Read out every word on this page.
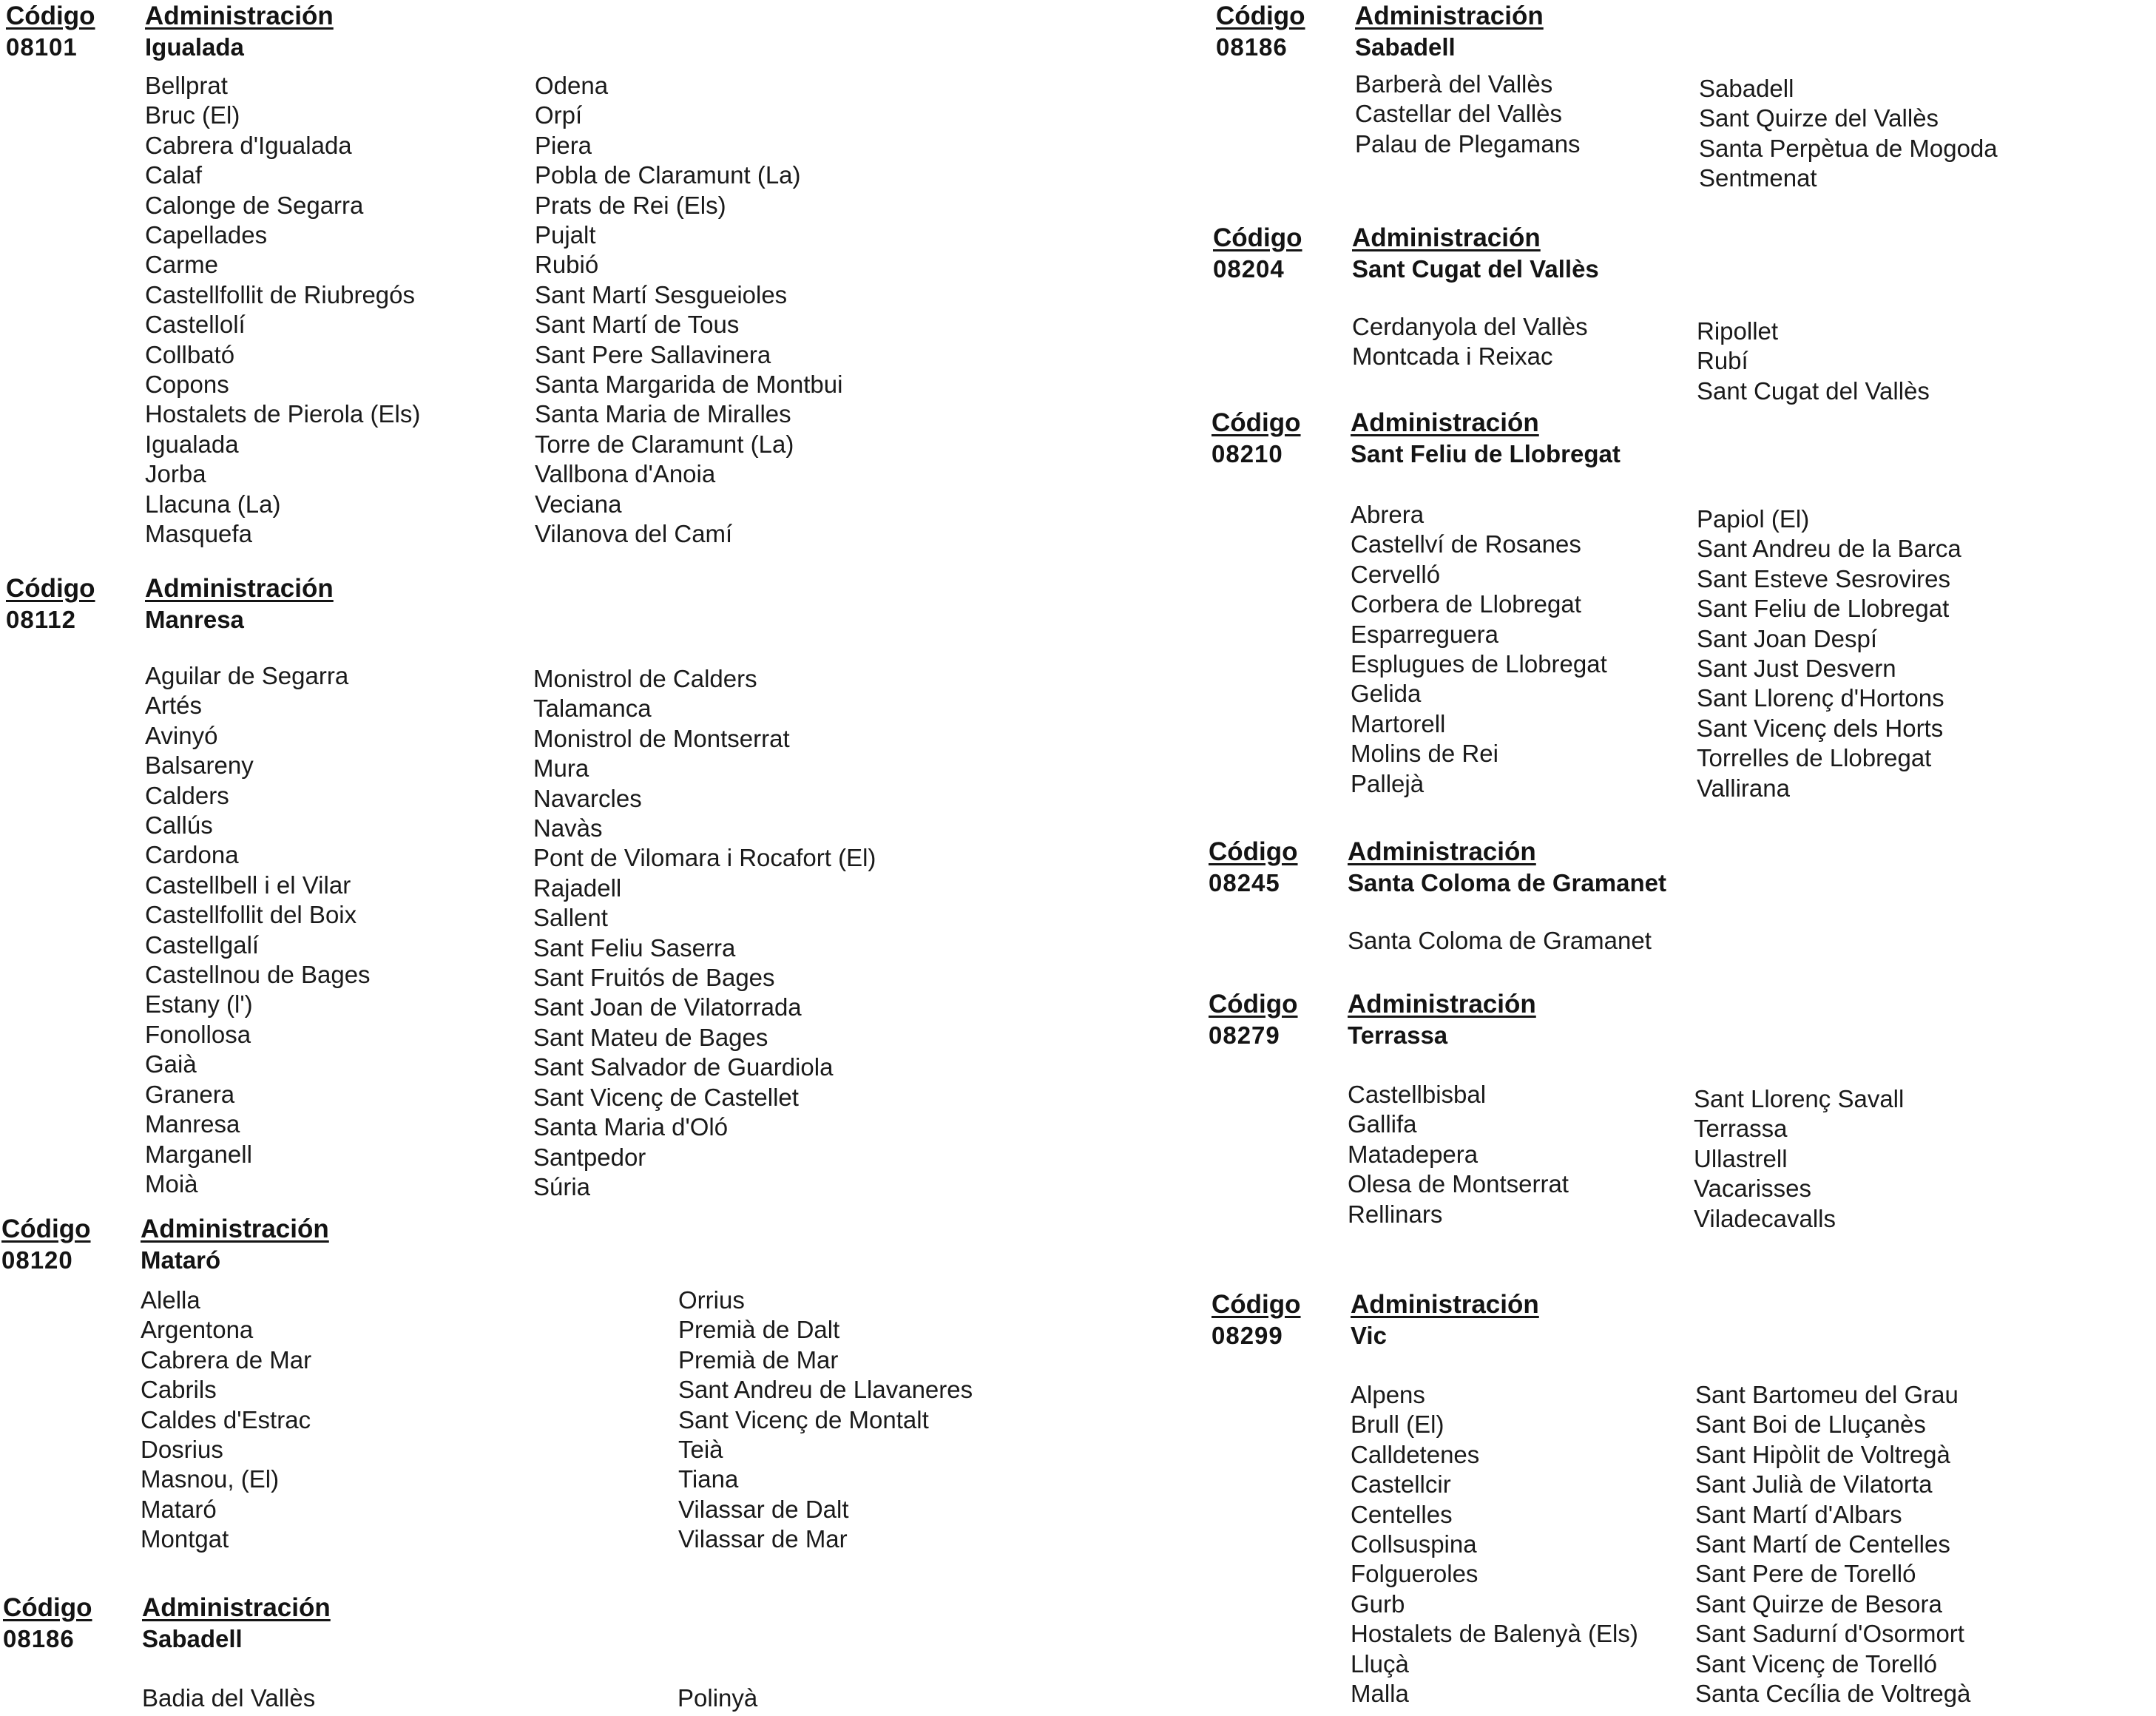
Código Administración
08101	Igualada
Bellprat
Bruc (El)
Cabrera d'Igualada
Calaf
Calonge de Segarra
Capellades
Carme
Castellfollit de Riubregós
Castellolí
Collbató
Copons
Hostalets de Pierola (Els)
Igualada
Jorba
Llacuna (La)
Masquefa
Odena
Orpí
Piera
Pobla de Claramunt (La)
Prats de Rei (Els)
Pujalt
Rubió
Sant Martí Sesgueioles
Sant Martí de Tous
Sant Pere Sallavinera
Santa Margarida de Montbui
Santa Maria de Miralles
Torre de Claramunt (La)
Vallbona d'Anoia
Veciana
Vilanova del Camí
Código Administración
08112	Manresa
Aguilar de Segarra
Artés
Avinyó
Balsareny
Calders
Callús
Cardona
Castellbell i el Vilar
Castellfollit del Boix
Castellgalí
Castellnou de Bages
Estany (l')
Fonollosa
Gaià
Granera
Manresa
Marganell
Moià
Monistrol de Calders
Talamanca
Monistrol de Montserrat
Mura
Navarcles
Navàs
Pont de Vilomara i Rocafort (El)
Rajadell
Sallent
Sant Feliu Saserra
Sant Fruitós de Bages
Sant Joan de Vilatorrada
Sant Mateu de Bages
Sant Salvador de Guardiola
Sant Vicenç de Castellet
Santa Maria d'Oló
Santpedor
Súria
Código Administración
08120	Mataró
Alella
Argentona
Cabrera de Mar
Cabrils
Caldes d'Estrac
Dosrius
Masnou, (El)
Mataró
Montgat
Orrius
Premià de Dalt
Premià de Mar
Sant Andreu de Llavaneres
Sant Vicenç de Montalt
Teià
Tiana
Vilassar de Dalt
Vilassar de Mar
Código Administración
08186	Sabadell
Badia del Vallès	Polinyà
Código Administración
08186	Sabadell
Barberà del Vallès
Castellar del Vallès
Palau de Plegamans
Sabadell
Sant Quirze del Vallès
Santa Perpètua de Mogoda
Sentmenat
Código Administración
08204	Sant Cugat del Vallès
Cerdanyola del Vallès
Montcada i Reixac
Ripollet
Rubí
Sant Cugat del Vallès
Código Administración
08210	Sant Feliu de Llobregat
Abrera
Castellví de Rosanes
Cervelló
Corbera de Llobregat
Esparreguera
Esplugues de Llobregat
Gelida
Martorell
Molins de Rei
Pallejà
Papiol (El)
Sant Andreu de la Barca
Sant Esteve Sesrovires
Sant Feliu de Llobregat
Sant Joan Despí
Sant Just Desvern
Sant Llorenç d'Hortons
Sant Vicenç dels Horts
Torrelles de Llobregat
Vallirana
Código Administración
08245	Santa Coloma de Gramanet
Santa Coloma de Gramanet
Código Administración
08279	Terrassa
Castellbisbal
Gallifa
Matadepera
Olesa de Montserrat
Rellinars
Sant Llorenç Savall
Terrassa
Ullastrell
Vacarisses
Viladecavalls
Código Administración
08299	Vic
Alpens
Brull (El)
Calldetenes
Castellcir
Centelles
Collsuspina
Folgueroles
Gurb
Hostalets de Balenyà (Els)
Lluçà
Malla
Sant Bartomeu del Grau
Sant Boi de Lluçanès
Sant Hipòlit de Voltregà
Sant Julià de Vilatorta
Sant Martí d'Albars
Sant Martí de Centelles
Sant Pere de Torelló
Sant Quirze de Besora
Sant Sadurní d'Osormort
Sant Vicenç de Torelló
Santa Cecília de Voltregà
